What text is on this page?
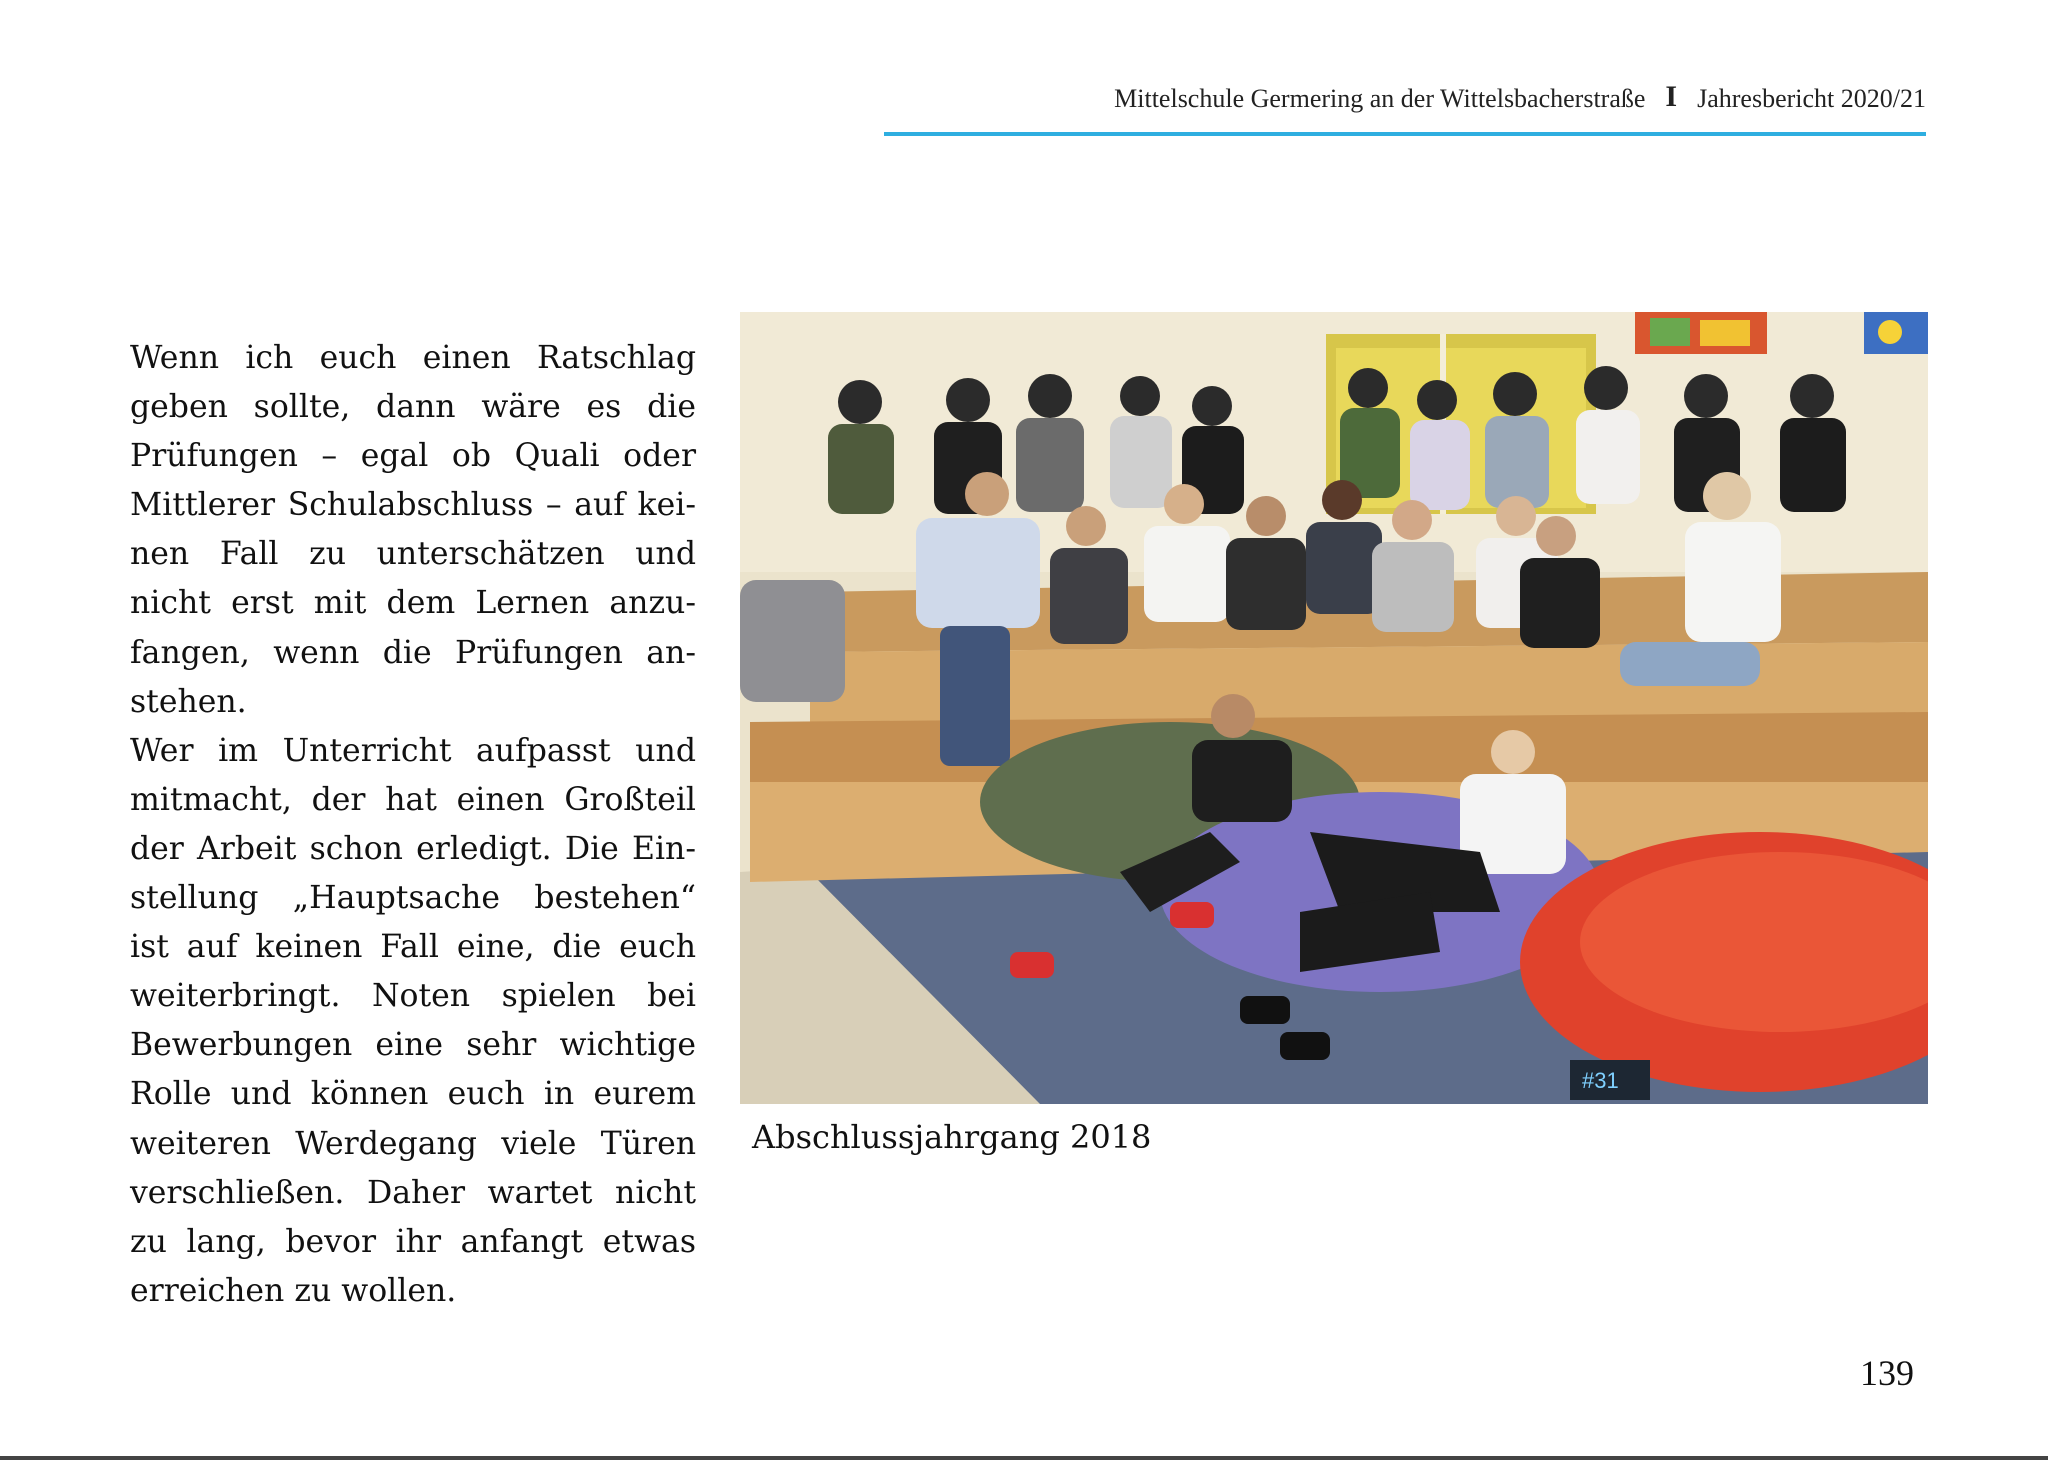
Mittelschule Germering an der Wittelsbacherstraße I Jahresbericht 2020/21

Wenn ich euch einen Ratschlag geben sollte, dann wäre es die Prüfungen – egal ob Quali oder Mittlerer Schulabschluss – auf keinen Fall zu unterschätzen und nicht erst mit dem Lernen anzufangen, wenn die Prüfungen anstehen.

Wer im Unterricht aufpasst und mitmacht, der hat einen Großteil der Arbeit schon erledigt. Die Einstellung „Hauptsache bestehen“ ist auf keinen Fall eine, die euch weiterbringt. Noten spielen bei Bewerbungen eine sehr wichtige Rolle und können euch in eurem weiteren Werdegang viele Türen verschließen. Daher wartet nicht zu lang, bevor ihr anfangt etwas erreichen zu wollen.

#31
Abschlussjahrgang 2018
139
